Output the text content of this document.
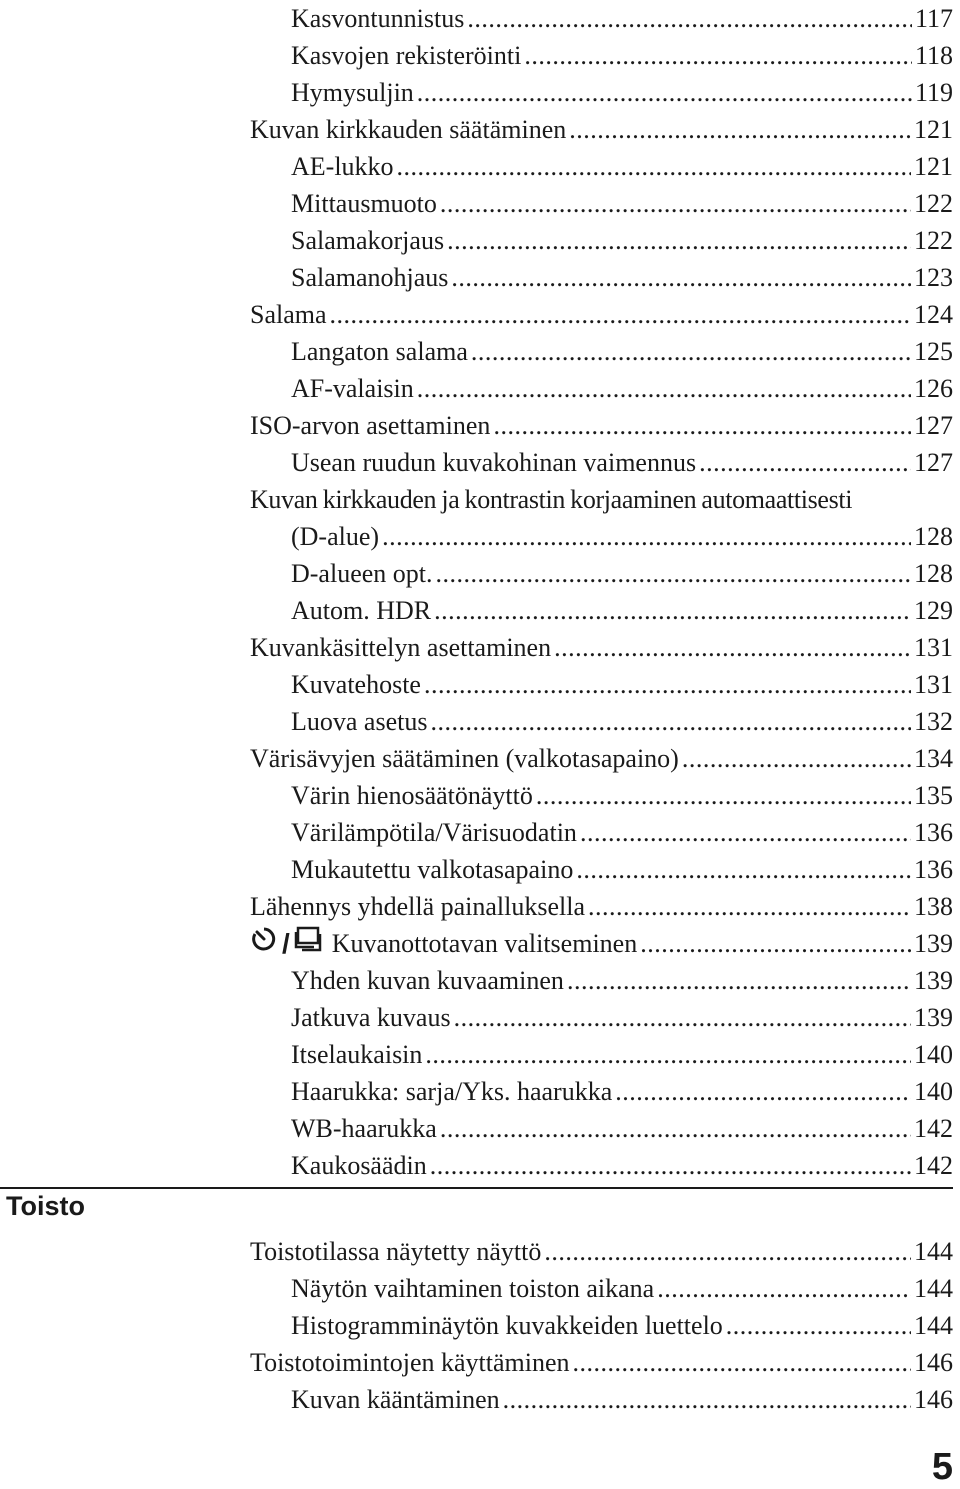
Kasvontunnistus .....	117
Kasvojen rekisteröinti .....	118
Hymysuljin .....	119
Kuvan kirkkauden säätäminen .....	121
AE-lukko .....	121
Mittausmuoto .....	122
Salamakorjaus .....	122
Salamanohjaus .....	123
Salama .....	124
Langaton salama .....	125
AF-valaisin .....	126
ISO-arvon asettaminen .....	127
Usean ruudun kuvakohinan vaimennus .....	127
Kuvan kirkkauden ja kontrastin korjaaminen automaattisesti
(D-alue) .....	128
D-alueen opt. .....	128
Autom. HDR .....	129
Kuvankäsittelyn asettaminen .....	131
Kuvatehoste .....	131
Luova asetus .....	132
Värisävyjen säätäminen (valkotasapaino) .....	134
Värin hienosäätönäyttö .....	135
Värilämpötila/Värisuodatin .....	136
Mukautettu valkotasapaino .....	136
Lähennys yhdellä painalluksella .....	138
/ Kuvanottotavan valitseminen .....	139
Yhden kuvan kuvaaminen .....	139
Jatkuva kuvaus .....	139
Itselaukaisin .....	140
Haarukka: sarja/Yks. haarukka .....	140
WB-haarukka .....	142
Kaukosäädin .....	142
Toisto
Toistotilassa näytetty näyttö .....	144
Näytön vaihtaminen toiston aikana .....	144
Histogramminäytön kuvakkeiden luettelo .....	144
Toistotoimintojen käyttäminen .....	146
Kuvan kääntäminen .....	146
5
